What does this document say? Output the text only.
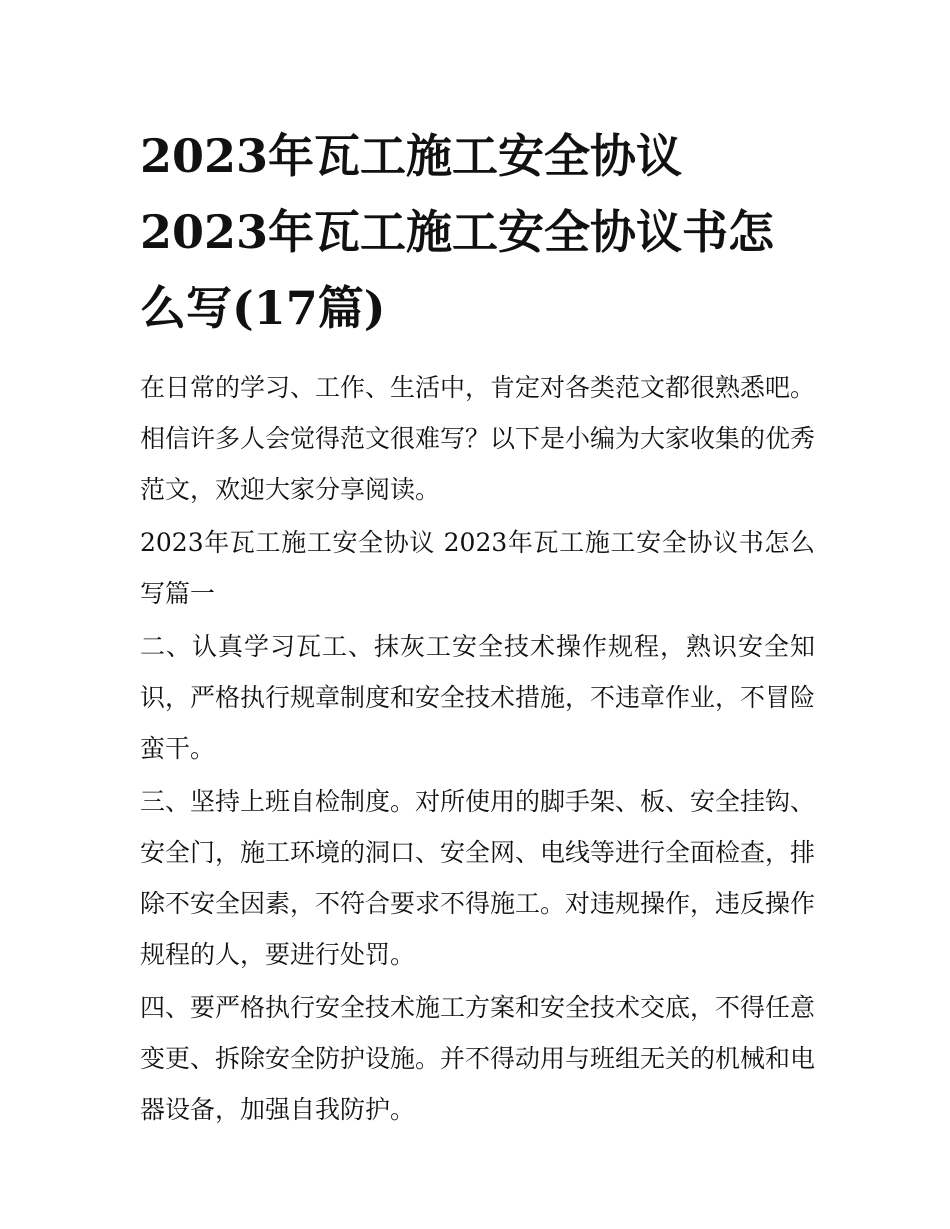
2023年瓦工施工安全协议
2023年瓦工施工安全协议书怎么写(17篇)

在日常的学习、工作、生活中，肯定对各类范文都很熟悉吧。相信许多人会觉得范文很难写？以下是小编为大家收集的优秀范文，欢迎大家分享阅读。

2023年瓦工施工安全协议 2023年瓦工施工安全协议书怎么写篇一

二、认真学习瓦工、抹灰工安全技术操作规程，熟识安全知识，严格执行规章制度和安全技术措施，不违章作业，不冒险蛮干。

三、坚持上班自检制度。对所使用的脚手架、板、安全挂钩、安全门，施工环境的洞口、安全网、电线等进行全面检查，排除不安全因素，不符合要求不得施工。对违规操作，违反操作规程的人，要进行处罚。

四、要严格执行安全技术施工方案和安全技术交底，不得任意变更、拆除安全防护设施。并不得动用与班组无关的机械和电器设备，加强自我防护。
